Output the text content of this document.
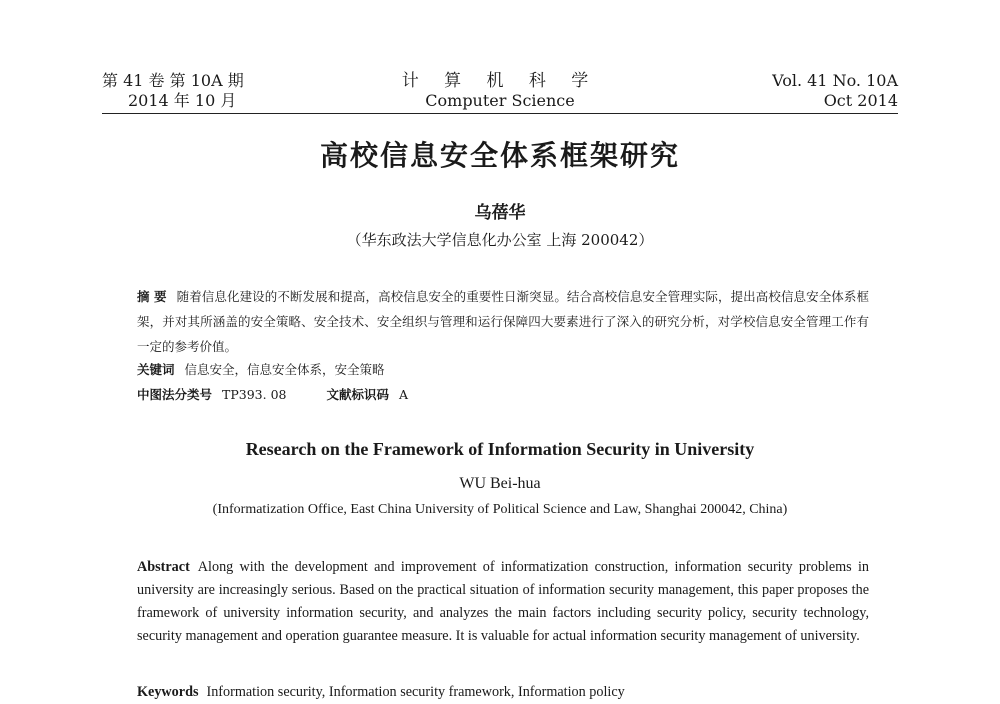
第 41 卷 第 10A 期
2014 年 10 月
计 算 机 科 学
Computer Science
Vol. 41 No. 10A
Oct 2014
高校信息安全体系框架研究
乌蓓华
（华东政法大学信息化办公室 上海 200042）
摘 要 随着信息化建设的不断发展和提高，高校信息安全的重要性日渐突显。结合高校信息安全管理实际，提出高校信息安全体系框架，并对其所涵盖的安全策略、安全技术、安全组织与管理和运行保障四大要素进行了深入的研究分析，对学校信息安全管理工作有一定的参考价值。
关键词 信息安全，信息安全体系，安全策略
中图法分类号 TP393. 08	文献标识码 A
Research on the Framework of Information Security in University
WU Bei-hua
(Informatization Office, East China University of Political Science and Law, Shanghai 200042, China)
Abstract Along with the development and improvement of informatization construction, information security problems in university are increasingly serious. Based on the practical situation of information security management, this paper proposes the framework of university information security, and analyzes the main factors including security policy, security technology, security management and operation guarantee measure. It is valuable for actual information security management of university.
Keywords Information security, Information security framework, Information policy
